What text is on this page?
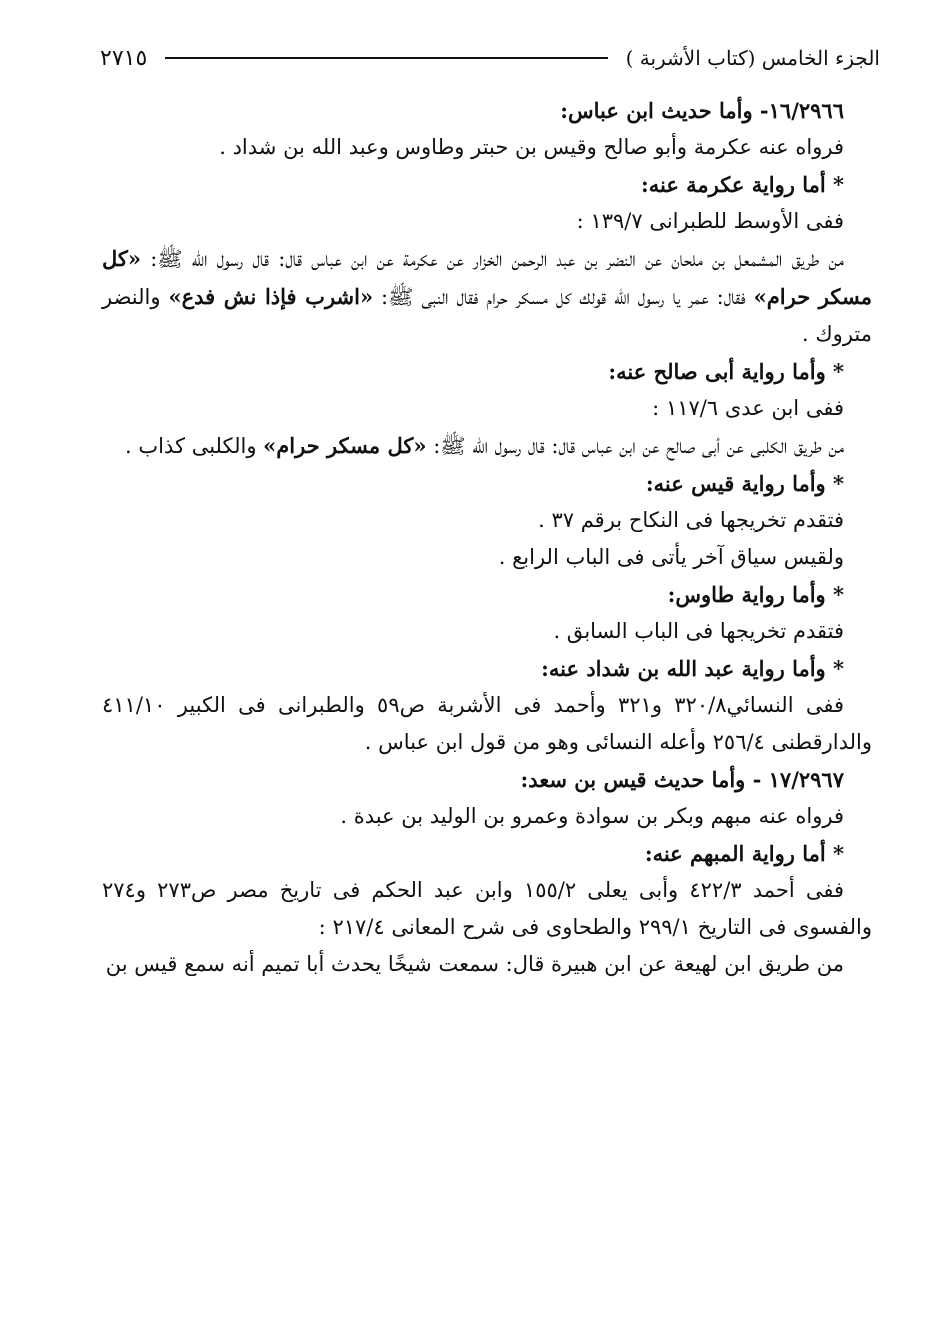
الجزء الخامس (كتاب الأشربة )
٢٧١٥

١٦/٢٩٦٦- وأما حديث ابن عباس:

فرواه عنه عكرمة وأبو صالح وقيس بن حبتر وطاوس وعبد الله بن شداد .

* أما رواية عكرمة عنه:

ففى الأوسط للطبرانى ١٣٩/٧ :

من طريق المشمعل بن ملحان عن النضر بن عبد الرحمن الخزار عن عكرمة عن ابن عباس قال: قال رسول الله ﷺ: «كل مسكر حرام» فقال: عمر يا رسول الله قولك كل مسكر حرام فقال النبى ﷺ: «اشرب فإذا نش فدع» والنضر متروك .

* وأما رواية أبى صالح عنه:

ففى ابن عدى ١١٧/٦ :

من طريق الكلبى عن أبى صالح عن ابن عباس قال: قال رسول الله ﷺ: «كل مسكر حرام» والكلبى كذاب .

* وأما رواية قيس عنه:

فتقدم تخريجها فى النكاح برقم ٣٧ .

ولقيس سياق آخر يأتى فى الباب الرابع .

* وأما رواية طاوس:

فتقدم تخريجها فى الباب السابق .

* وأما رواية عبد الله بن شداد عنه:

ففى النسائي٣٢٠/٨ و٣٢١ وأحمد فى الأشربة ص٥٩ والطبرانى فى الكبير ٤١١/١٠ والدارقطنى ٢٥٦/٤ وأعله النسائى وهو من قول ابن عباس .

١٧/٢٩٦٧ - وأما حديث قيس بن سعد:

فرواه عنه مبهم وبكر بن سوادة وعمرو بن الوليد بن عبدة .

* أما رواية المبهم عنه:

ففى أحمد ٤٢٢/٣ وأبى يعلى ١٥٥/٢ وابن عبد الحكم فى تاريخ مصر ص٢٧٣ و٢٧٤ والفسوى فى التاريخ ٢٩٩/١ والطحاوى فى شرح المعانى ٢١٧/٤ :

من طريق ابن لهيعة عن ابن هبيرة قال: سمعت شيخًا يحدث أبا تميم أنه سمع قيس بن
